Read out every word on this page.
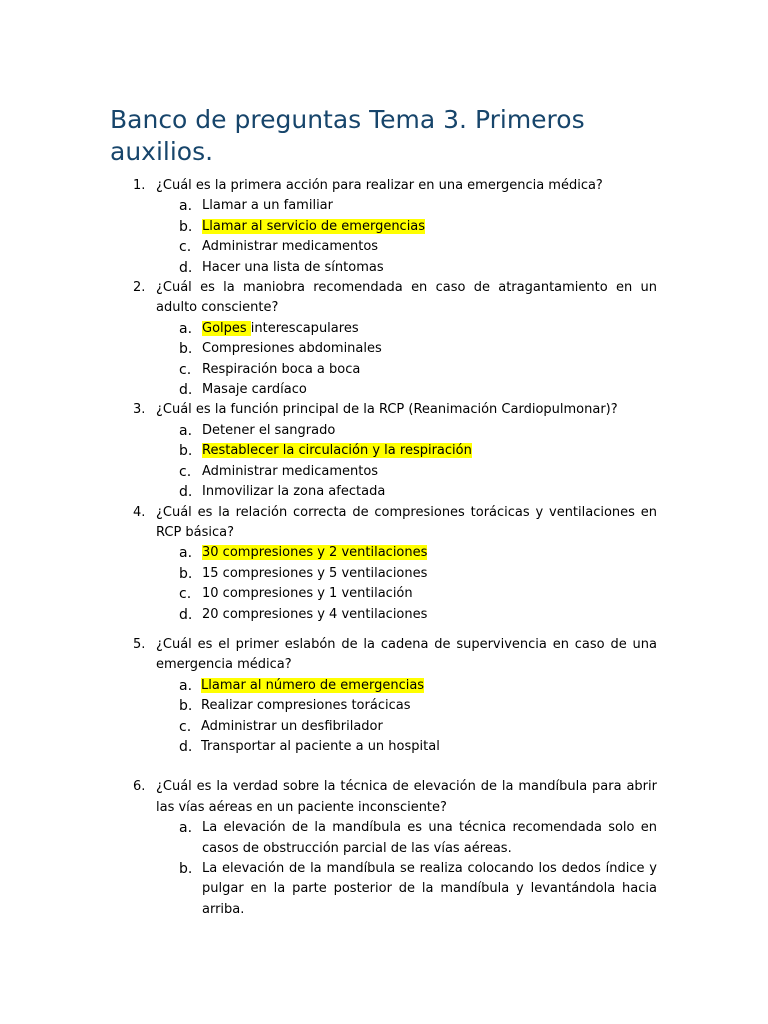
Banco de preguntas Tema 3. Primeros auxilios.
1. ¿Cuál es la primera acción para realizar en una emergencia médica?
a. Llamar a un familiar
b. Llamar al servicio de emergencias
c. Administrar medicamentos
d. Hacer una lista de síntomas
2. ¿Cuál es la maniobra recomendada en caso de atragantamiento en un adulto consciente?
a. Golpes interescapulares
b. Compresiones abdominales
c. Respiración boca a boca
d. Masaje cardíaco
3. ¿Cuál es la función principal de la RCP (Reanimación Cardiopulmonar)?
a. Detener el sangrado
b. Restablecer la circulación y la respiración
c. Administrar medicamentos
d. Inmovilizar la zona afectada
4. ¿Cuál es la relación correcta de compresiones torácicas y ventilaciones en RCP básica?
a. 30 compresiones y 2 ventilaciones
b. 15 compresiones y 5 ventilaciones
c. 10 compresiones y 1 ventilación
d. 20 compresiones y 4 ventilaciones
5. ¿Cuál es el primer eslabón de la cadena de supervivencia en caso de una emergencia médica?
a. Llamar al número de emergencias
b. Realizar compresiones torácicas
c. Administrar un desfibrilador
d. Transportar al paciente a un hospital
6. ¿Cuál es la verdad sobre la técnica de elevación de la mandíbula para abrir las vías aéreas en un paciente inconsciente?
a. La elevación de la mandíbula es una técnica recomendada solo en casos de obstrucción parcial de las vías aéreas.
b. La elevación de la mandíbula se realiza colocando los dedos índice y pulgar en la parte posterior de la mandíbula y levantándola hacia arriba.
